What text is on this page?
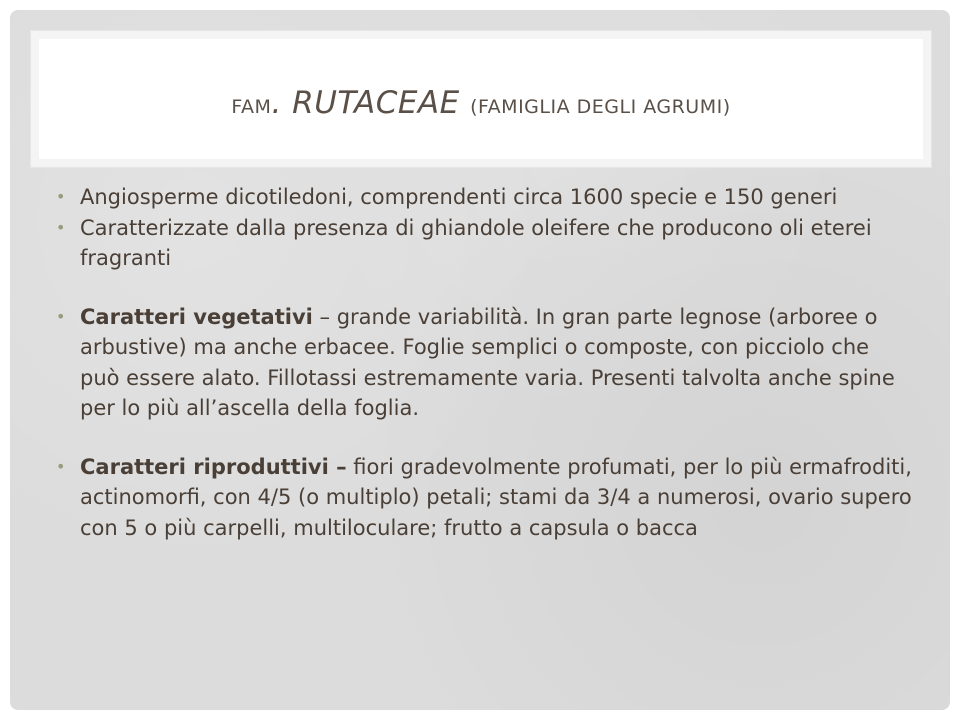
FAM. RUTACEAE (FAMIGLIA DEGLI AGRUMI)
• Angiosperme dicotiledoni, comprendenti circa 1600 specie e 150 generi
• Caratterizzate dalla presenza di ghiandole oleifere che producono oli eterei fragranti
• Caratteri vegetativi – grande variabilità. In gran parte legnose (arboree o arbustive) ma anche erbacee. Foglie semplici o composte, con picciolo che può essere alato. Fillotassi estremamente varia. Presenti talvolta anche spine per lo più all’ascella della foglia.
• Caratteri riproduttivi – fiori gradevolmente profumati, per lo più ermafroditi, actinomorfi, con 4/5 (o multiplo) petali; stami da 3/4 a numerosi, ovario supero con 5 o più carpelli, multiloculare; frutto a capsula o bacca
